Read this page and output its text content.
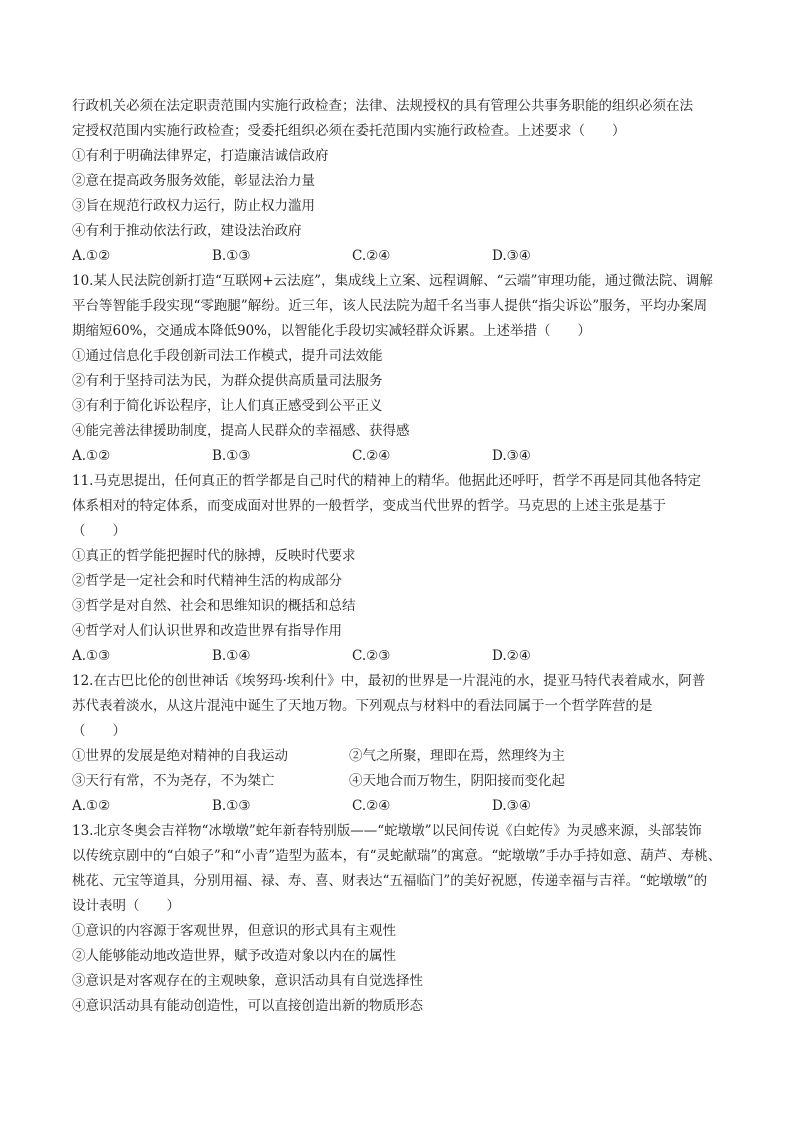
行政机关必须在法定职责范围内实施行政检查；法律、法规授权的具有管理公共事务职能的组织必须在法
定授权范围内实施行政检查；受委托组织必须在委托范围内实施行政检查。上述要求（　　）
①有利于明确法律界定，打造廉洁诚信政府
②意在提高政务服务效能，彰显法治力量
③旨在规范行政权力运行，防止权力滥用
④有利于推动依法行政，建设法治政府
A.①②	B.①③	C.②④	D.③④
10.某人民法院创新打造“互联网+云法庭”，集成线上立案、远程调解、“云端”审理功能，通过微法院、调解
平台等智能手段实现“零跑腿”解纷。近三年，该人民法院为超千名当事人提供“指尖诉讼”服务，平均办案周
期缩短60%，交通成本降低90%，以智能化手段切实减轻群众诉累。上述举措（　　）
①通过信息化手段创新司法工作模式，提升司法效能
②有利于坚持司法为民，为群众提供高质量司法服务
③有利于简化诉讼程序，让人们真正感受到公平正义
④能完善法律援助制度，提高人民群众的幸福感、获得感
A.①②	B.①③	C.②④	D.③④
11.马克思提出，任何真正的哲学都是自己时代的精神上的精华。他据此还呼吁，哲学不再是同其他各特定
体系相对的特定体系，而变成面对世界的一般哲学，变成当代世界的哲学。马克思的上述主张是基于
（　　）
①真正的哲学能把握时代的脉搏，反映时代要求
②哲学是一定社会和时代精神生活的构成部分
③哲学是对自然、社会和思维知识的概括和总结
④哲学对人们认识世界和改造世界有指导作用
A.①③	B.①④	C.②③	D.②④
12.在古巴比伦的创世神话《埃努玛·埃利什》中，最初的世界是一片混沌的水，提亚马特代表着咸水，阿普
苏代表着淡水，从这片混沌中诞生了天地万物。下列观点与材料中的看法同属于一个哲学阵营的是
（　　）
①世界的发展是绝对精神的自我运动	②气之所聚，理即在焉，然理终为主
③天行有常，不为尧存，不为桀亡	④天地合而万物生，阴阳接而变化起
A.①②	B.①③	C.②④	D.③④
13.北京冬奥会吉祥物“冰墩墩”蛇年新春特别版——“蛇墩墩”以民间传说《白蛇传》为灵感来源，头部装饰
以传统京剧中的“白娘子”和“小青”造型为蓝本，有“灵蛇献瑞”的寓意。“蛇墩墩”手办手持如意、葫芦、寿桃、
桃花、元宝等道具，分别用福、禄、寿、喜、财表达“五福临门”的美好祝愿，传递幸福与吉祥。“蛇墩墩”的
设计表明（　　）
①意识的内容源于客观世界，但意识的形式具有主观性
②人能够能动地改造世界，赋予改造对象以内在的属性
③意识是对客观存在的主观映象，意识活动具有自觉选择性
④意识活动具有能动创造性，可以直接创造出新的物质形态
